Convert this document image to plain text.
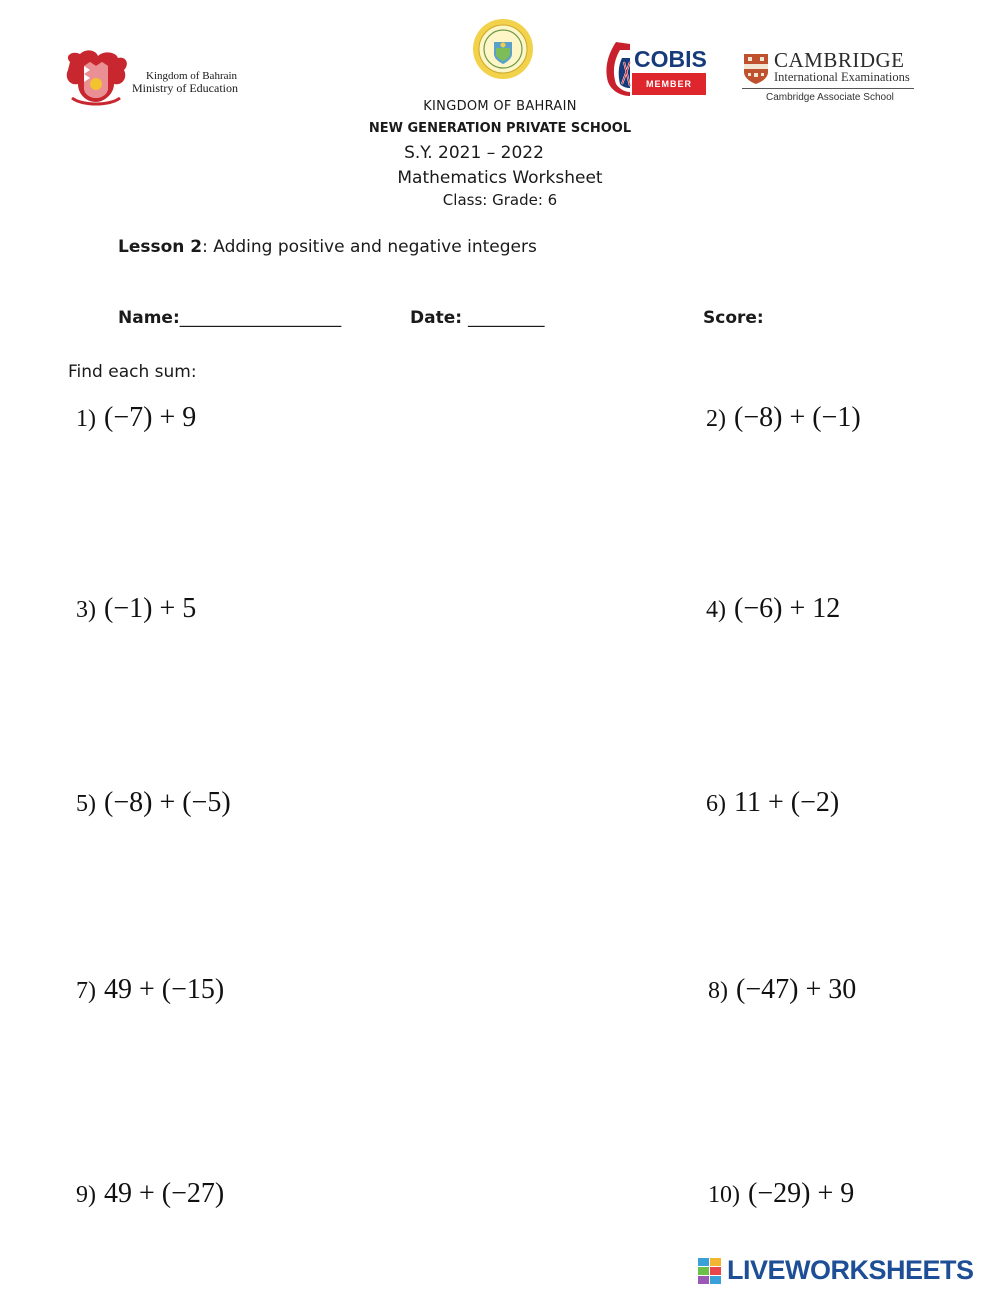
Kingdom of Bahrain
Ministry of Education
COBIS
MEMBER
CAMBRIDGE
International Examinations
Cambridge Associate School
KINGDOM OF BAHRAIN
NEW GENERATION PRIVATE SCHOOL
S.Y. 2021 – 2022
Mathematics Worksheet
Class: Grade: 6
Lesson 2: Adding positive and negative integers
Name:___________________	Date: _________	Score:
Find each sum:
1) (−7) + 9	2) (−8) + (−1)
3) (−1) + 5	4) (−6) + 12
5) (−8) + (−5)	6) 11 + (−2)
7) 49 + (−15)	8) (−47) + 30
9) 49 + (−27)	10) (−29) + 9
LIVEWORKSHEETS
